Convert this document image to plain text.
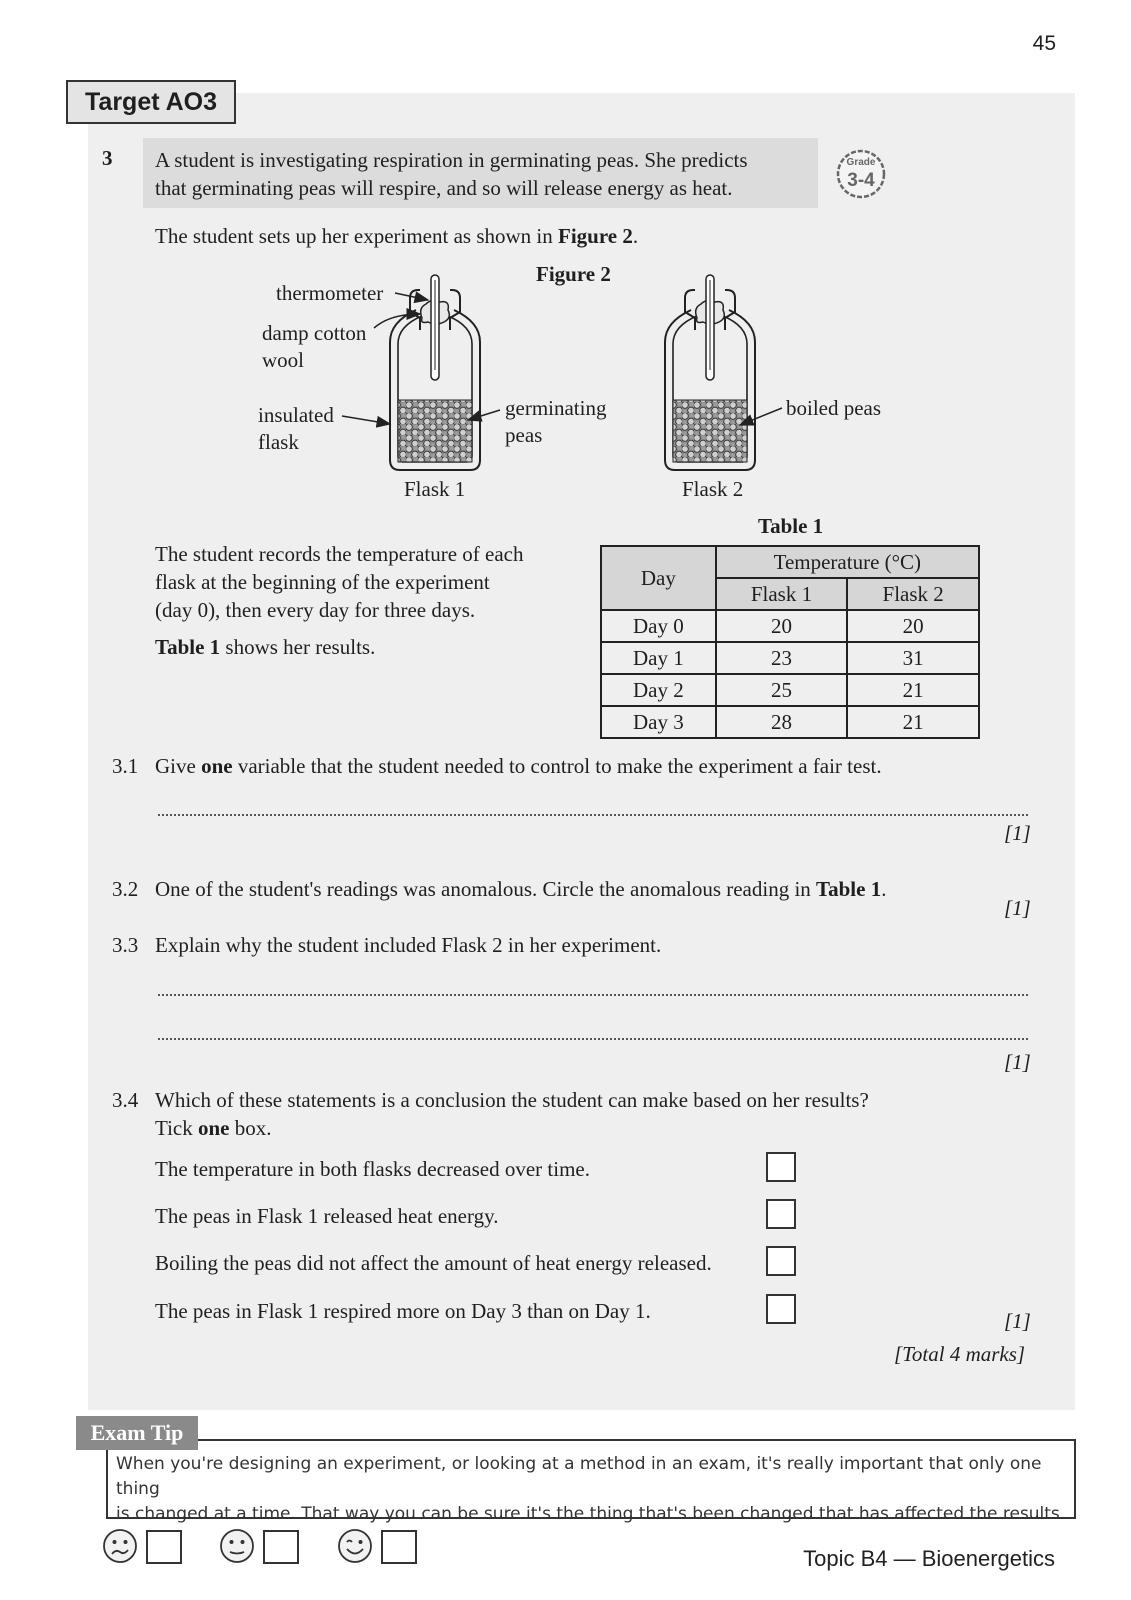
45
Target AO3
3 A student is investigating respiration in germinating peas. She predicts
that germinating peas will respire, and so will release energy as heat.
Grade
3-4
The student sets up her experiment as shown in Figure 2.
Figure 2
thermometer
damp cotton
wool
insulated
flask
germinating
peas
boiled peas
Flask 1	Flask 2
The student records the temperature of each
flask at the beginning of the experiment
(day 0), then every day for three days.
Table 1 shows her results.
Table 1
Day	Temperature (°C)	
	Flask 1	Flask 2
Day 0	20	20
Day 1	23	31
Day 2	25	21
Day 3	28	21
3.1 Give one variable that the student needed to control to make the experiment a fair test.
[1]
3.2 One of the student's readings was anomalous. Circle the anomalous reading in Table 1.
[1]
3.3 Explain why the student included Flask 2 in her experiment.
[1]
3.4 Which of these statements is a conclusion the student can make based on her results?
Tick one box.
The temperature in both flasks decreased over time.
The peas in Flask 1 released heat energy.
Boiling the peas did not affect the amount of heat energy released.
The peas in Flask 1 respired more on Day 3 than on Day 1.	[1]
[Total 4 marks]
Exam Tip
When you're designing an experiment, or looking at a method in an exam, it's really important that only one thing
is changed at a time. That way you can be sure it's the thing that's been changed that has affected the results.
Topic B4 — Bioenergetics
